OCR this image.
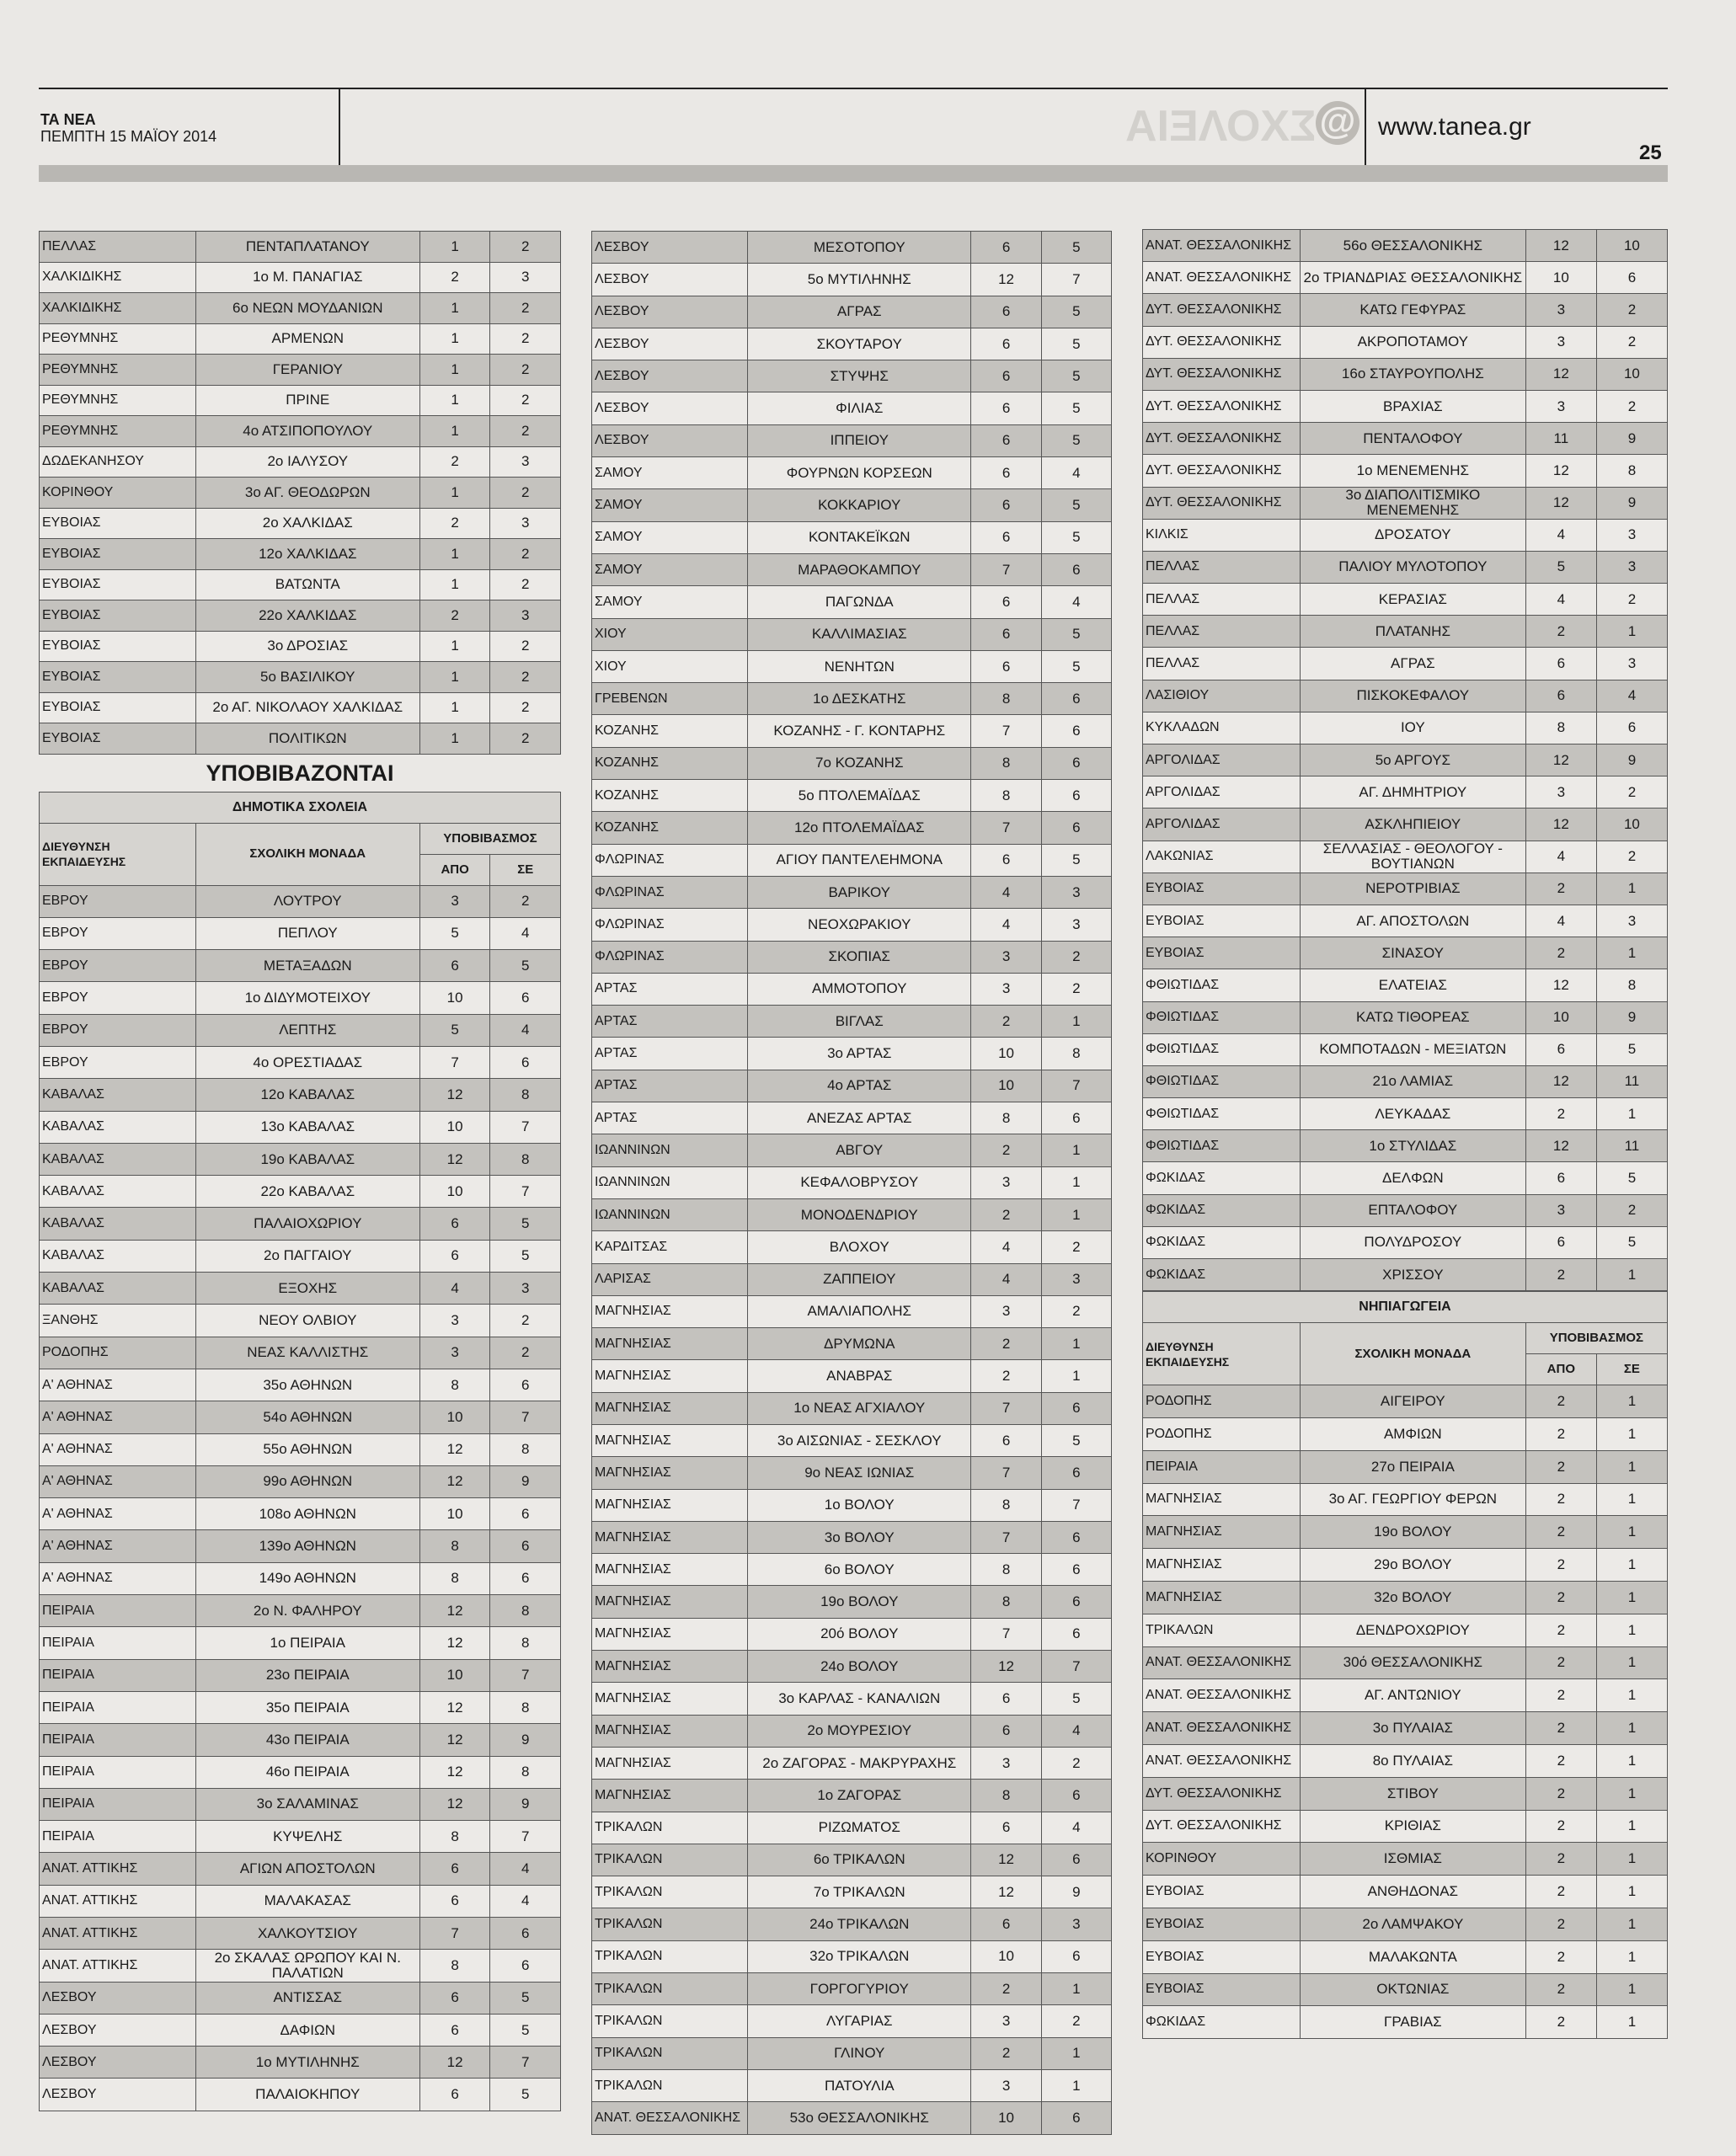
ΤΑ ΝΕΑ
ΠΕΜΠΤΗ 15 ΜΑΪΟΥ 2014	ΣΧΟΛΕΙΑ @ www.tanea.gr
25
ΠΕΛΛΑΣ	ΠΕΝΤΑΠΛΑΤΑΝΟΥ	1	2
ΧΑΛΚΙΔΙΚΗΣ	1ο Μ. ΠΑΝΑΓΙΑΣ	2	3
ΧΑΛΚΙΔΙΚΗΣ	6ο ΝΕΩΝ ΜΟΥΔΑΝΙΩΝ	1	2
ΡΕΘΥΜΝΗΣ	ΑΡΜΕΝΩΝ	1	2
ΡΕΘΥΜΝΗΣ	ΓΕΡΑΝΙΟΥ	1	2
ΡΕΘΥΜΝΗΣ	ΠΡΙΝΕ	1	2
ΡΕΘΥΜΝΗΣ	4ο ΑΤΣΙΠΟΠΟΥΛΟΥ	1	2
ΔΩΔΕΚΑΝΗΣΟΥ	2ο ΙΑΛΥΣΟΥ	2	3
ΚΟΡΙΝΘΟΥ	3ο ΑΓ. ΘΕΟΔΩΡΩΝ	1	2
ΕΥΒΟΙΑΣ	2ο ΧΑΛΚΙΔΑΣ	2	3
ΕΥΒΟΙΑΣ	12ο ΧΑΛΚΙΔΑΣ	1	2
ΕΥΒΟΙΑΣ	ΒΑΤΩΝΤΑ	1	2
ΕΥΒΟΙΑΣ	22ο ΧΑΛΚΙΔΑΣ	2	3
ΕΥΒΟΙΑΣ	3ο ΔΡΟΣΙΑΣ	1	2
ΕΥΒΟΙΑΣ	5ο ΒΑΣΙΛΙΚΟΥ	1	2
ΕΥΒΟΙΑΣ	2ο ΑΓ. ΝΙΚΟΛΑΟΥ ΧΑΛΚΙΔΑΣ	1	2
ΕΥΒΟΙΑΣ	ΠΟΛΙΤΙΚΩΝ	1	2
ΥΠΟΒΙΒΑΖΟΝΤΑΙ
ΔΗΜΟΤΙΚΑ ΣΧΟΛΕΙΑ			
ΔΙΕΥΘΥΝΣΗ ΕΚΠΑΙΔΕΥΣΗΣ	ΣΧΟΛΙΚΗ ΜΟΝΑΔΑ	ΥΠΟΒΙΒΑΣΜΟΣ	
		ΑΠΟ	ΣΕ
ΕΒΡΟΥ	ΛΟΥΤΡΟΥ	3	2
ΕΒΡΟΥ	ΠΕΠΛΟΥ	5	4
ΕΒΡΟΥ	ΜΕΤΑΞΑΔΩΝ	6	5
ΕΒΡΟΥ	1ο ΔΙΔΥΜΟΤΕΙΧΟΥ	10	6
ΕΒΡΟΥ	ΛΕΠΤΗΣ	5	4
ΕΒΡΟΥ	4ο ΟΡΕΣΤΙΑΔΑΣ	7	6
ΚΑΒΑΛΑΣ	12ο ΚΑΒΑΛΑΣ	12	8
ΚΑΒΑΛΑΣ	13ο ΚΑΒΑΛΑΣ	10	7
ΚΑΒΑΛΑΣ	19ο ΚΑΒΑΛΑΣ	12	8
ΚΑΒΑΛΑΣ	22ο ΚΑΒΑΛΑΣ	10	7
ΚΑΒΑΛΑΣ	ΠΑΛΑΙΟΧΩΡΙΟΥ	6	5
ΚΑΒΑΛΑΣ	2ο ΠΑΓΓΑΙΟΥ	6	5
ΚΑΒΑΛΑΣ	ΕΞΟΧΗΣ	4	3
ΞΑΝΘΗΣ	ΝΕΟΥ ΟΛΒΙΟΥ	3	2
ΡΟΔΟΠΗΣ	ΝΕΑΣ ΚΑΛΛΙΣΤΗΣ	3	2
Α' ΑΘΗΝΑΣ	35ο ΑΘΗΝΩΝ	8	6
Α' ΑΘΗΝΑΣ	54ο ΑΘΗΝΩΝ	10	7
Α' ΑΘΗΝΑΣ	55ο ΑΘΗΝΩΝ	12	8
Α' ΑΘΗΝΑΣ	99ο ΑΘΗΝΩΝ	12	9
Α' ΑΘΗΝΑΣ	108ο ΑΘΗΝΩΝ	10	6
Α' ΑΘΗΝΑΣ	139ο ΑΘΗΝΩΝ	8	6
Α' ΑΘΗΝΑΣ	149ο ΑΘΗΝΩΝ	8	6
ΠΕΙΡΑΙΑ	2ο Ν. ΦΑΛΗΡΟΥ	12	8
ΠΕΙΡΑΙΑ	1ο ΠΕΙΡΑΙΑ	12	8
ΠΕΙΡΑΙΑ	23ο ΠΕΙΡΑΙΑ	10	7
ΠΕΙΡΑΙΑ	35ο ΠΕΙΡΑΙΑ	12	8
ΠΕΙΡΑΙΑ	43ο ΠΕΙΡΑΙΑ	12	9
ΠΕΙΡΑΙΑ	46ο ΠΕΙΡΑΙΑ	12	8
ΠΕΙΡΑΙΑ	3ο ΣΑΛΑΜΙΝΑΣ	12	9
ΠΕΙΡΑΙΑ	ΚΥΨΕΛΗΣ	8	7
ΑΝΑΤ. ΑΤΤΙΚΗΣ	ΑΓΙΩΝ ΑΠΟΣΤΟΛΩΝ	6	4
ΑΝΑΤ. ΑΤΤΙΚΗΣ	ΜΑΛΑΚΑΣΑΣ	6	4
ΑΝΑΤ. ΑΤΤΙΚΗΣ	ΧΑΛΚΟΥΤΣΙΟΥ	7	6
ΑΝΑΤ. ΑΤΤΙΚΗΣ	2ο ΣΚΑΛΑΣ ΩΡΩΠΟΥ ΚΑΙ Ν. ΠΑΛΑΤΙΩΝ	8	6
ΛΕΣΒΟΥ	ΑΝΤΙΣΣΑΣ	6	5
ΛΕΣΒΟΥ	ΔΑΦΙΩΝ	6	5
ΛΕΣΒΟΥ	1ο ΜΥΤΙΛΗΝΗΣ	12	7
ΛΕΣΒΟΥ	ΠΑΛΑΙΟΚΗΠΟΥ	6	5
ΛΕΣΒΟΥ	ΜΕΣΟΤΟΠΟΥ	6	5
ΛΕΣΒΟΥ	5ο ΜΥΤΙΛΗΝΗΣ	12	7
ΛΕΣΒΟΥ	ΑΓΡΑΣ	6	5
ΛΕΣΒΟΥ	ΣΚΟΥΤΑΡΟΥ	6	5
ΛΕΣΒΟΥ	ΣΤΥΨΗΣ	6	5
ΛΕΣΒΟΥ	ΦΙΛΙΑΣ	6	5
ΛΕΣΒΟΥ	ΙΠΠΕΙΟΥ	6	5
ΣΑΜΟΥ	ΦΟΥΡΝΩΝ ΚΟΡΣΕΩΝ	6	4
ΣΑΜΟΥ	ΚΟΚΚΑΡΙΟΥ	6	5
ΣΑΜΟΥ	ΚΟΝΤΑΚΕΪΚΩΝ	6	5
ΣΑΜΟΥ	ΜΑΡΑΘΟΚΑΜΠΟΥ	7	6
ΣΑΜΟΥ	ΠΑΓΩΝΔΑ	6	4
ΧΙΟΥ	ΚΑΛΛΙΜΑΣΙΑΣ	6	5
ΧΙΟΥ	ΝΕΝΗΤΩΝ	6	5
ΓΡΕΒΕΝΩΝ	1ο ΔΕΣΚΑΤΗΣ	8	6
ΚΟΖΑΝΗΣ	ΚΟΖΑΝΗΣ - Γ. ΚΟΝΤΑΡΗΣ	7	6
ΚΟΖΑΝΗΣ	7ο ΚΟΖΑΝΗΣ	8	6
ΚΟΖΑΝΗΣ	5ο ΠΤΟΛΕΜΑΪΔΑΣ	8	6
ΚΟΖΑΝΗΣ	12ο ΠΤΟΛΕΜΑΪΔΑΣ	7	6
ΦΛΩΡΙΝΑΣ	ΑΓΙΟΥ ΠΑΝΤΕΛΕΗΜΟΝΑ	6	5
ΦΛΩΡΙΝΑΣ	ΒΑΡΙΚΟΥ	4	3
ΦΛΩΡΙΝΑΣ	ΝΕΟΧΩΡΑΚΙΟΥ	4	3
ΦΛΩΡΙΝΑΣ	ΣΚΟΠΙΑΣ	3	2
ΑΡΤΑΣ	ΑΜΜΟΤΟΠΟΥ	3	2
ΑΡΤΑΣ	ΒΙΓΛΑΣ	2	1
ΑΡΤΑΣ	3ο ΑΡΤΑΣ	10	8
ΑΡΤΑΣ	4ο ΑΡΤΑΣ	10	7
ΑΡΤΑΣ	ΑΝΕΖΑΣ ΑΡΤΑΣ	8	6
ΙΩΑΝΝΙΝΩΝ	ΑΒΓΟΥ	2	1
ΙΩΑΝΝΙΝΩΝ	ΚΕΦΑΛΟΒΡΥΣΟΥ	3	1
ΙΩΑΝΝΙΝΩΝ	ΜΟΝΟΔΕΝΔΡΙΟΥ	2	1
ΚΑΡΔΙΤΣΑΣ	ΒΛΟΧΟΥ	4	2
ΛΑΡΙΣΑΣ	ΖΑΠΠΕΙΟΥ	4	3
ΜΑΓΝΗΣΙΑΣ	ΑΜΑΛΙΑΠΟΛΗΣ	3	2
ΜΑΓΝΗΣΙΑΣ	ΔΡΥΜΩΝΑ	2	1
ΜΑΓΝΗΣΙΑΣ	ΑΝΑΒΡΑΣ	2	1
ΜΑΓΝΗΣΙΑΣ	1ο ΝΕΑΣ ΑΓΧΙΑΛΟΥ	7	6
ΜΑΓΝΗΣΙΑΣ	3ο ΑΙΣΩΝΙΑΣ - ΣΕΣΚΛΟΥ	6	5
ΜΑΓΝΗΣΙΑΣ	9ο ΝΕΑΣ ΙΩΝΙΑΣ	7	6
ΜΑΓΝΗΣΙΑΣ	1ο ΒΟΛΟΥ	8	7
ΜΑΓΝΗΣΙΑΣ	3ο ΒΟΛΟΥ	7	6
ΜΑΓΝΗΣΙΑΣ	6ο ΒΟΛΟΥ	8	6
ΜΑΓΝΗΣΙΑΣ	19ο ΒΟΛΟΥ	8	6
ΜΑΓΝΗΣΙΑΣ	20ό ΒΟΛΟΥ	7	6
ΜΑΓΝΗΣΙΑΣ	24ο ΒΟΛΟΥ	12	7
ΜΑΓΝΗΣΙΑΣ	3ο ΚΑΡΛΑΣ - ΚΑΝΑΛΙΩΝ	6	5
ΜΑΓΝΗΣΙΑΣ	2ο ΜΟΥΡΕΣΙΟΥ	6	4
ΜΑΓΝΗΣΙΑΣ	2ο ΖΑΓΟΡΑΣ - ΜΑΚΡΥΡΑΧΗΣ	3	2
ΜΑΓΝΗΣΙΑΣ	1ο ΖΑΓΟΡΑΣ	8	6
ΤΡΙΚΑΛΩΝ	ΡΙΖΩΜΑΤΟΣ	6	4
ΤΡΙΚΑΛΩΝ	6ο ΤΡΙΚΑΛΩΝ	12	6
ΤΡΙΚΑΛΩΝ	7ο ΤΡΙΚΑΛΩΝ	12	9
ΤΡΙΚΑΛΩΝ	24ο ΤΡΙΚΑΛΩΝ	6	3
ΤΡΙΚΑΛΩΝ	32ο ΤΡΙΚΑΛΩΝ	10	6
ΤΡΙΚΑΛΩΝ	ΓΟΡΓΟΓΥΡΙΟΥ	2	1
ΤΡΙΚΑΛΩΝ	ΛΥΓΑΡΙΑΣ	3	2
ΤΡΙΚΑΛΩΝ	ΓΛΙΝΟΥ	2	1
ΤΡΙΚΑΛΩΝ	ΠΑΤΟΥΛΙΑ	3	1
ΑΝΑΤ. ΘΕΣΣΑΛΟΝΙΚΗΣ	53ο ΘΕΣΣΑΛΟΝΙΚΗΣ	10	6
ΑΝΑΤ. ΘΕΣΣΑΛΟΝΙΚΗΣ	56ο ΘΕΣΣΑΛΟΝΙΚΗΣ	12	10
ΑΝΑΤ. ΘΕΣΣΑΛΟΝΙΚΗΣ	2ο ΤΡΙΑΝΔΡΙΑΣ ΘΕΣΣΑΛΟΝΙΚΗΣ	10	6
ΔΥΤ. ΘΕΣΣΑΛΟΝΙΚΗΣ	ΚΑΤΩ ΓΕΦΥΡΑΣ	3	2
ΔΥΤ. ΘΕΣΣΑΛΟΝΙΚΗΣ	ΑΚΡΟΠΟΤΑΜΟΥ	3	2
ΔΥΤ. ΘΕΣΣΑΛΟΝΙΚΗΣ	16ο ΣΤΑΥΡΟΥΠΟΛΗΣ	12	10
ΔΥΤ. ΘΕΣΣΑΛΟΝΙΚΗΣ	ΒΡΑΧΙΑΣ	3	2
ΔΥΤ. ΘΕΣΣΑΛΟΝΙΚΗΣ	ΠΕΝΤΑΛΟΦΟΥ	11	9
ΔΥΤ. ΘΕΣΣΑΛΟΝΙΚΗΣ	1ο ΜΕΝΕΜΕΝΗΣ	12	8
ΔΥΤ. ΘΕΣΣΑΛΟΝΙΚΗΣ	3ο ΔΙΑΠΟΛΙΤΙΣΜΙΚΟ ΜΕΝΕΜΕΝΗΣ	12	9
ΚΙΛΚΙΣ	ΔΡΟΣΑΤΟΥ	4	3
ΠΕΛΛΑΣ	ΠΑΛΙΟΥ ΜΥΛΟΤΟΠΟΥ	5	3
ΠΕΛΛΑΣ	ΚΕΡΑΣΙΑΣ	4	2
ΠΕΛΛΑΣ	ΠΛΑΤΑΝΗΣ	2	1
ΠΕΛΛΑΣ	ΑΓΡΑΣ	6	3
ΛΑΣΙΘΙΟΥ	ΠΙΣΚΟΚΕΦΑΛΟΥ	6	4
ΚΥΚΛΑΔΩΝ	ΙΟΥ	8	6
ΑΡΓΟΛΙΔΑΣ	5ο ΑΡΓΟΥΣ	12	9
ΑΡΓΟΛΙΔΑΣ	ΑΓ. ΔΗΜΗΤΡΙΟΥ	3	2
ΑΡΓΟΛΙΔΑΣ	ΑΣΚΛΗΠΙΕΙΟΥ	12	10
ΛΑΚΩΝΙΑΣ	ΣΕΛΛΑΣΙΑΣ - ΘΕΟΛΟΓΟΥ - ΒΟΥΤΙΑΝΩΝ	4	2
ΕΥΒΟΙΑΣ	ΝΕΡΟΤΡΙΒΙΑΣ	2	1
ΕΥΒΟΙΑΣ	ΑΓ. ΑΠΟΣΤΟΛΩΝ	4	3
ΕΥΒΟΙΑΣ	ΣΙΝΑΣΟΥ	2	1
ΦΘΙΩΤΙΔΑΣ	ΕΛΑΤΕΙΑΣ	12	8
ΦΘΙΩΤΙΔΑΣ	ΚΑΤΩ ΤΙΘΟΡΕΑΣ	10	9
ΦΘΙΩΤΙΔΑΣ	ΚΟΜΠΟΤΑΔΩΝ - ΜΕΞΙΑΤΩΝ	6	5
ΦΘΙΩΤΙΔΑΣ	21ο ΛΑΜΙΑΣ	12	11
ΦΘΙΩΤΙΔΑΣ	ΛΕΥΚΑΔΑΣ	2	1
ΦΘΙΩΤΙΔΑΣ	1ο ΣΤΥΛΙΔΑΣ	12	11
ΦΩΚΙΔΑΣ	ΔΕΛΦΩΝ	6	5
ΦΩΚΙΔΑΣ	ΕΠΤΑΛΟΦΟΥ	3	2
ΦΩΚΙΔΑΣ	ΠΟΛΥΔΡΟΣΟΥ	6	5
ΦΩΚΙΔΑΣ	ΧΡΙΣΣΟΥ	2	1
ΝΗΠΙΑΓΩΓΕΙΑ			
ΔΙΕΥΘΥΝΣΗ ΕΚΠΑΙΔΕΥΣΗΣ	ΣΧΟΛΙΚΗ ΜΟΝΑΔΑ	ΥΠΟΒΙΒΑΣΜΟΣ	
		ΑΠΟ	ΣΕ
ΡΟΔΟΠΗΣ	ΑΙΓΕΙΡΟΥ	2	1
ΡΟΔΟΠΗΣ	ΑΜΦΙΩΝ	2	1
ΠΕΙΡΑΙΑ	27ο ΠΕΙΡΑΙΑ	2	1
ΜΑΓΝΗΣΙΑΣ	3ο ΑΓ. ΓΕΩΡΓΙΟΥ ΦΕΡΩΝ	2	1
ΜΑΓΝΗΣΙΑΣ	19ο ΒΟΛΟΥ	2	1
ΜΑΓΝΗΣΙΑΣ	29ο ΒΟΛΟΥ	2	1
ΜΑΓΝΗΣΙΑΣ	32ο ΒΟΛΟΥ	2	1
ΤΡΙΚΑΛΩΝ	ΔΕΝΔΡΟΧΩΡΙΟΥ	2	1
ΑΝΑΤ. ΘΕΣΣΑΛΟΝΙΚΗΣ	30ό ΘΕΣΣΑΛΟΝΙΚΗΣ	2	1
ΑΝΑΤ. ΘΕΣΣΑΛΟΝΙΚΗΣ	ΑΓ. ΑΝΤΩΝΙΟΥ	2	1
ΑΝΑΤ. ΘΕΣΣΑΛΟΝΙΚΗΣ	3ο ΠΥΛΑΙΑΣ	2	1
ΑΝΑΤ. ΘΕΣΣΑΛΟΝΙΚΗΣ	8ο ΠΥΛΑΙΑΣ	2	1
ΔΥΤ. ΘΕΣΣΑΛΟΝΙΚΗΣ	ΣΤΙΒΟΥ	2	1
ΔΥΤ. ΘΕΣΣΑΛΟΝΙΚΗΣ	ΚΡΙΘΙΑΣ	2	1
ΚΟΡΙΝΘΟΥ	ΙΣΘΜΙΑΣ	2	1
ΕΥΒΟΙΑΣ	ΑΝΘΗΔΟΝΑΣ	2	1
ΕΥΒΟΙΑΣ	2ο ΛΑΜΨΑΚΟΥ	2	1
ΕΥΒΟΙΑΣ	ΜΑΛΑΚΩΝΤΑ	2	1
ΕΥΒΟΙΑΣ	ΟΚΤΩΝΙΑΣ	2	1
ΦΩΚΙΔΑΣ	ΓΡΑΒΙΑΣ	2	1
